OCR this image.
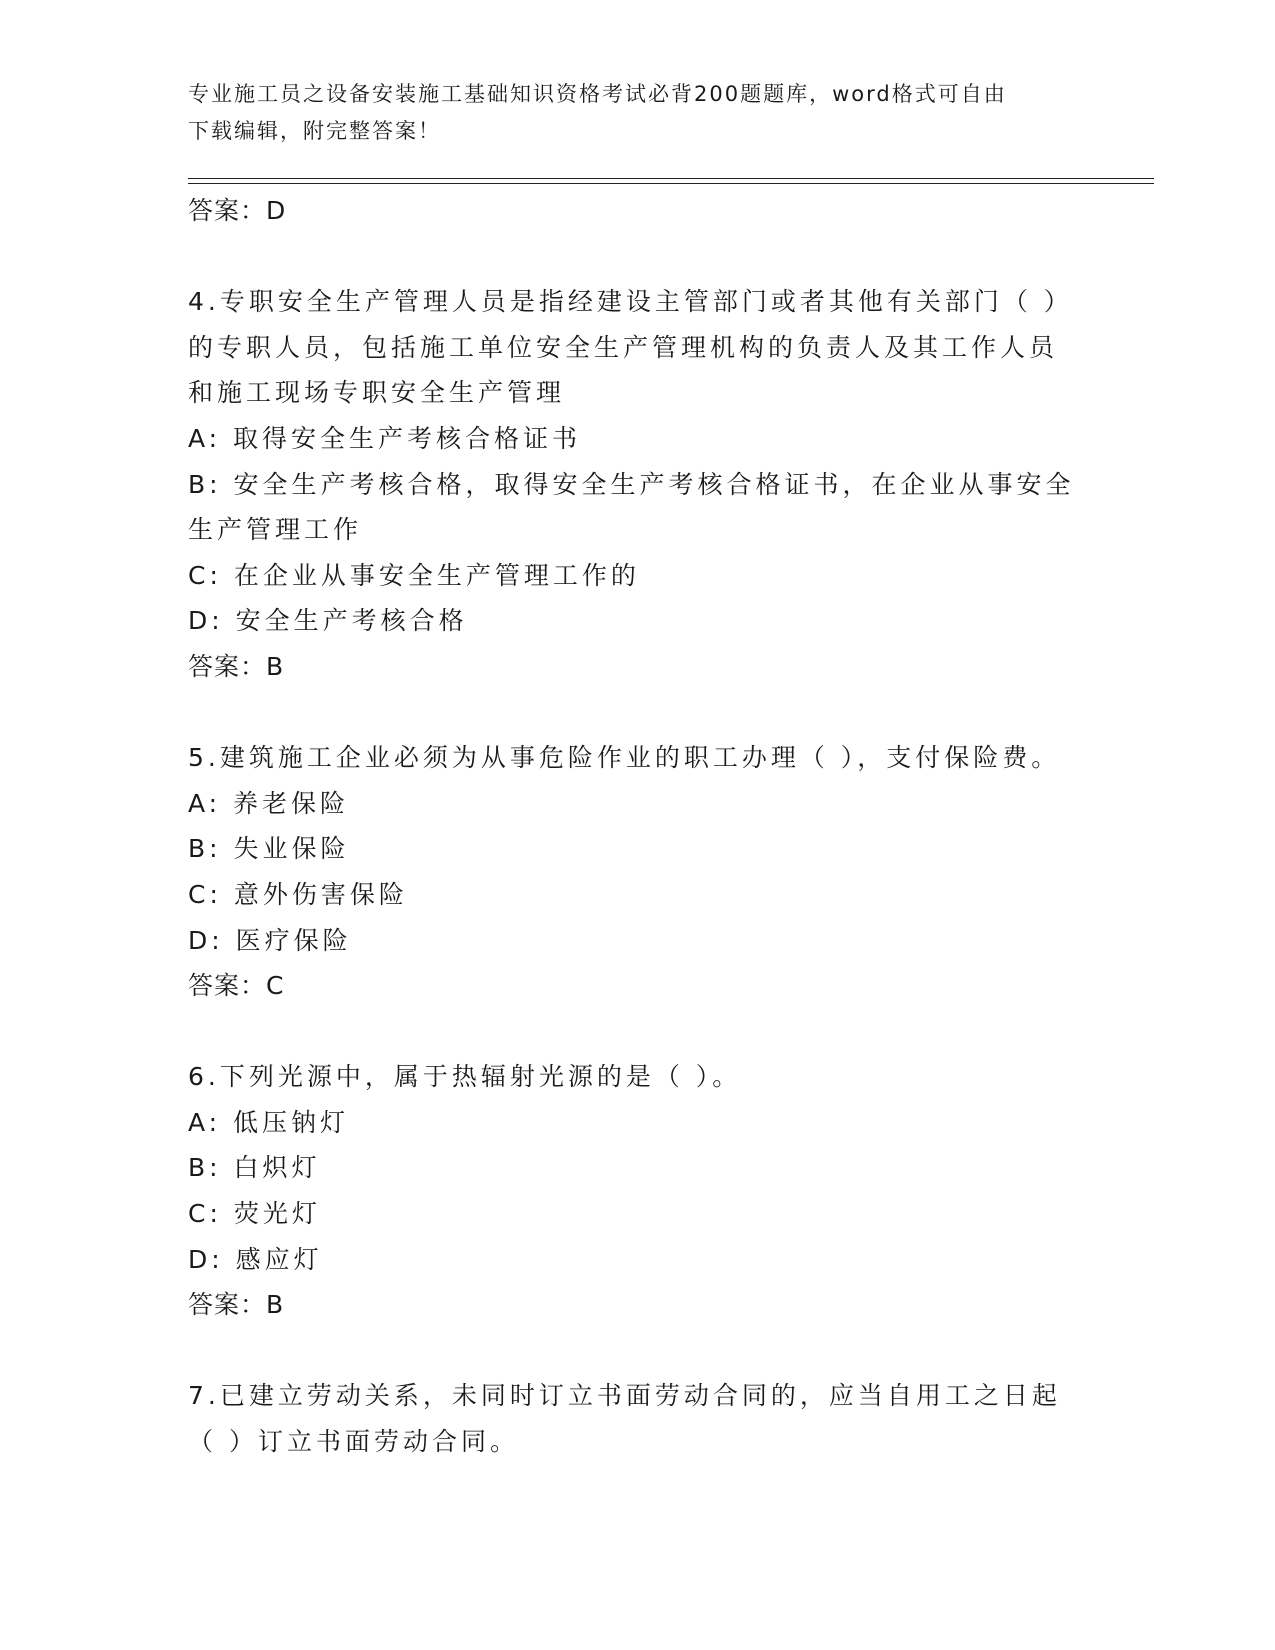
专业施工员之设备安装施工基础知识资格考试必背200题题库，word格式可自由
下载编辑，附完整答案！
答案：D
4.专职安全生产管理人员是指经建设主管部门或者其他有关部门（ ）
的专职人员，包括施工单位安全生产管理机构的负责人及其工作人员
和施工现场专职安全生产管理
A: 取得安全生产考核合格证书
B: 安全生产考核合格，取得安全生产考核合格证书，在企业从事安全
生产管理工作
C: 在企业从事安全生产管理工作的
D: 安全生产考核合格
答案：B
5.建筑施工企业必须为从事危险作业的职工办理（ ），支付保险费。
A: 养老保险
B: 失业保险
C: 意外伤害保险
D: 医疗保险
答案：C
6.下列光源中，属于热辐射光源的是（ ）。
A: 低压钠灯
B: 白炽灯
C: 荧光灯
D: 感应灯
答案：B
7.已建立劳动关系，未同时订立书面劳动合同的，应当自用工之日起
（ ）订立书面劳动合同。
